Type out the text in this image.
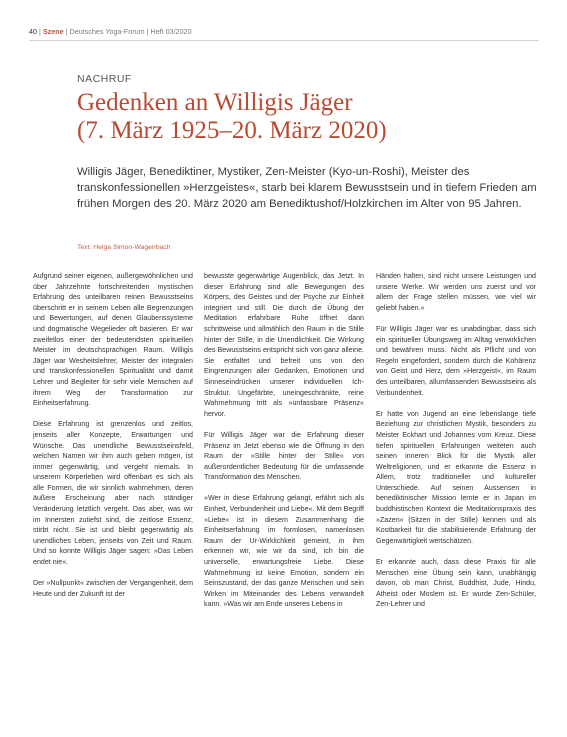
40 | Szene | Deutsches Yoga-Forum | Heft 03/2020
NACHRUF
Gedenken an Willigis Jäger
(7. März 1925–20. März 2020)

Willigis Jäger, Benediktiner, Mystiker, Zen-Meister (Kyo-un-Roshi), Meister des transkonfessionellen »Herzgeistes«, starb bei klarem Bewusstsein und in tiefem Frieden am frühen Morgen des 20. März 2020 am Benediktushof/Holzkirchen im Alter von 95 Jahren.

Text: Helga Simon-Wagenbach

Aufgrund seiner eigenen, außergewöhnlichen und über Jahrzehnte fortschreitenden mystischen Erfahrung des unteilbaren reinen Bewusstseins überschritt er in seinem Leben alle Begrenzungen und Bewertungen, auf denen Glaubenssysteme und dogmatische Wegelieder oft basieren. Er war zweifellos einer der bedeutendsten spirituellen Meister im deutschsprachigen Raum. Willigis Jäger war Wesheitslehrer, Meister der integralen und transkonfessionellen Spiritualität und damit Lehrer und Begleiter für sehr viele Menschen auf ihrem Weg der Transformation zur Einheitserfahrung.

Diese Erfahrung ist grenzenlos und zeitlos, jenseits aller Konzepte, Erwartungen und Wünsche. Das unendliche Bewusstseinsfeld, welchen Namen wir ihm auch geben mögen, ist immer gegenwärtig, und vergeht niemals. In unserem Körperleben wird offenbart es sich als alle Formen, die wir sinnlich wahrnehmen, deren äußere Erscheinung aber nach ständiger Veränderung letztlich vergeht. Das aber, was wir im Innersten zutiefst sind, die zeitlose Essenz, stirbt nicht. Sie ist und bleibt gegenwärtig als unendliches Leben, jenseits von Zeit und Raum. Und so konnte Willigis Jäger sagen: »Das Leben endet nie«.

Der »Nullpunkt« zwischen der Vergangenheit, dem Heute und der Zukunft ist der

bewusste gegenwärtige Augenblick, das Jetzt. In dieser Erfahrung sind alle Bewegungen des Körpers, des Geistes und der Psyche zur Einheit integriert und still. Die durch die Übung der Meditation erfahrbare Ruhe öffnet dann schrittweise und allmählich den Raum in die Stille hinter der Stille, in die Unendlichkeit. Die Wirkung des Bewusstseins entspricht sich von ganz alleine. Sie entfaltet und befreit uns von den Eingrenzungen aller Gedanken, Emotionen und Sinneseindrücken unserer individuellen Ich-Struktur. Ungefärbte, uneingeschränkte, reine Wahrnehmung tritt als »unfassbare Präsenz« hervor.

Für Willigis Jäger war die Erfahrung dieser Präsenz im Jetzt ebenso wie die Öffnung in den Raum der »Stille hinter der Stille« von außerordentlicher Bedeutung für die umfassende Transformation des Menschen.

»Wer in diese Erfahrung gelangt, erfährt sich als Einheit, Verbundenheit und Liebe«. Mit dem Begriff »Liebe« ist in diesem Zusammenhang die Einheitserfahrung im formlosen, namenlosen Raum der Ur-Wirklichkeit gemeint, in ihm erkennen wir, wie wir da sind, ich bin die universelle, erwartungsfreie Liebe. Diese Wahrnehmung ist keine Emotion, sondern ein Seinszustand, der das ganze Menschen und sein Wirken im Miteinander des Lebens verwandelt kann. »Was wir am Ende unseres Lebens in

Händen halten, sind nicht unsere Leistungen und unsere Werke. Wir werden uns zuerst und vor allem der Frage stellen müssen, wie viel wir geliebt haben.«

Für Willigis Jäger war es unabdingbar, dass sich ein spiritueller Übungsweg im Alltag verwirklichen und bewähren muss. Nicht als Pflicht und von Regeln eingefordert, sondern durch die Kohärenz von Geist und Herz, dem »Herzgeist«, im Raum des unteilbaren, allumfassenden Bewusstseins als Verbundenheit.

Er hatte von Jugend an eine lebenslange tiefe Beziehung zur christlichen Mystik, besonders zu Meister Eckhart und Johannes vom Kreuz. Diese tiefen spirituellen Erfahrungen weiteten auch seinen inneren Blick für die Mystik aller Weltreligionen, und er erkannte die Essenz in Allem, trotz traditioneller und kultureller Unterschiede. Auf seinen Aussensen in benediktinischer Mission lernte er in Japan im buddhistischen Kontext die Meditationspraxis des »Zazen« (Sitzen in der Stille) kennen und als Kostbarkeit für die stabilisierende Erfahrung der Gegenwärtigkeit wertschätzen.

Er erkannte auch, dass diese Praxis für alle Menschen eine Übung sein kann, unabhängig davon, ob man Christ, Buddhist, Jude, Hindu, Atheist oder Moslem ist. Er wurde Zen-Schüler, Zen-Lehrer und
